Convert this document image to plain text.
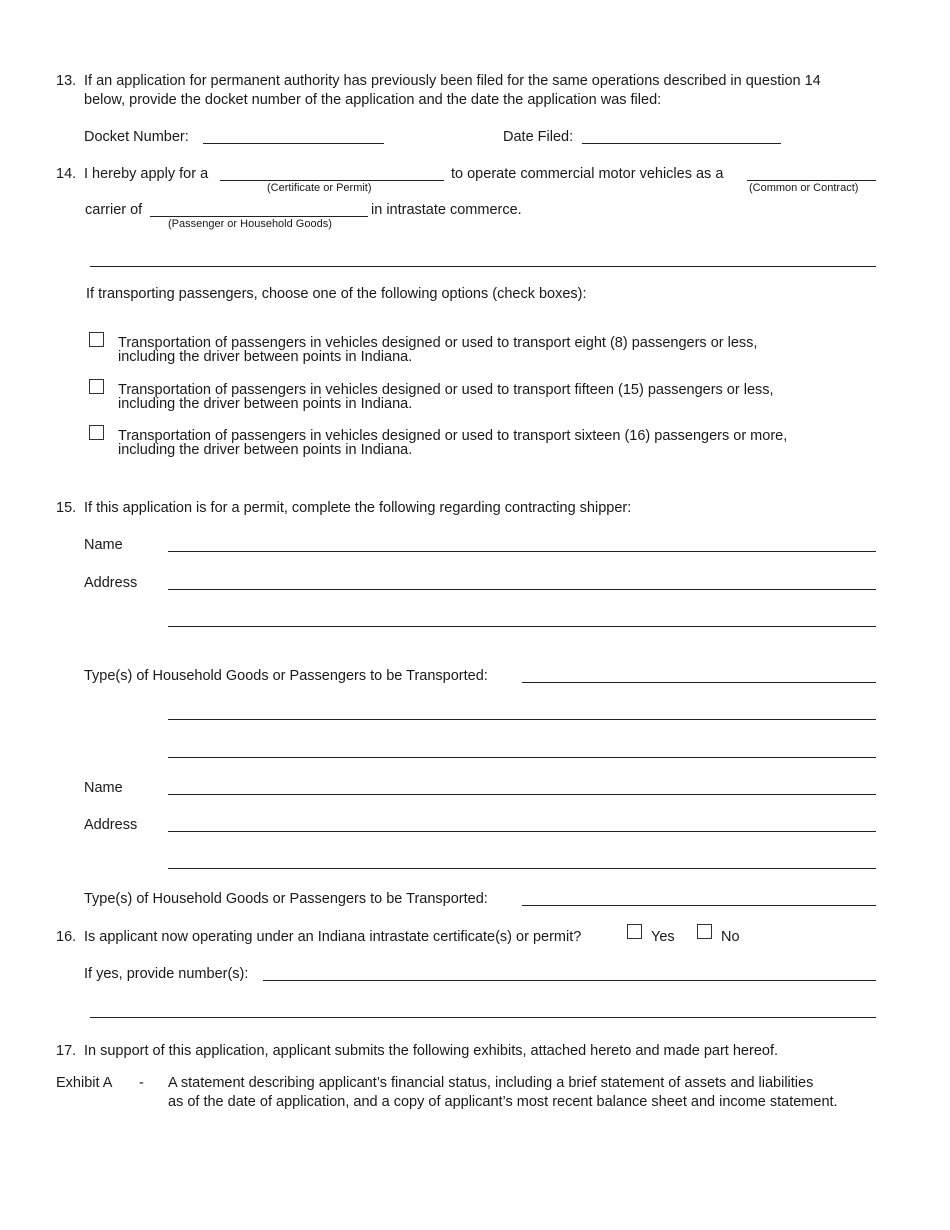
13. If an application for permanent authority has previously been filed for the same operations described in question 14
below, provide the docket number of the application and the date the application was filed:
Docket Number:	Date Filed:
14. I hereby apply for a
(Certificate or Permit)
to operate commercial motor vehicles as a
(Common or Contract)
carrier of
(Passenger or Household Goods)
in intrastate commerce.
If transporting passengers, choose one of the following options (check boxes):
Transportation of passengers in vehicles designed or used to transport eight (8) passengers or less,
including the driver between points in Indiana.
Transportation of passengers in vehicles designed or used to transport fifteen (15) passengers or less,
including the driver between points in Indiana.
Transportation of passengers in vehicles designed or used to transport sixteen (16) passengers or more,
including the driver between points in Indiana.
15. If this application is for a permit, complete the following regarding contracting shipper:
Name
Address
Type(s) of Household Goods or Passengers to be Transported:
Name
Address
Type(s) of Household Goods or Passengers to be Transported:
16. Is applicant now operating under an Indiana intrastate certificate(s) or permit?	Yes	No
If yes, provide number(s):
17. In support of this application, applicant submits the following exhibits, attached hereto and made part hereof.
Exhibit A - A statement describing applicant’s financial status, including a brief statement of assets and liabilities
as of the date of application, and a copy of applicant’s most recent balance sheet and income statement.
